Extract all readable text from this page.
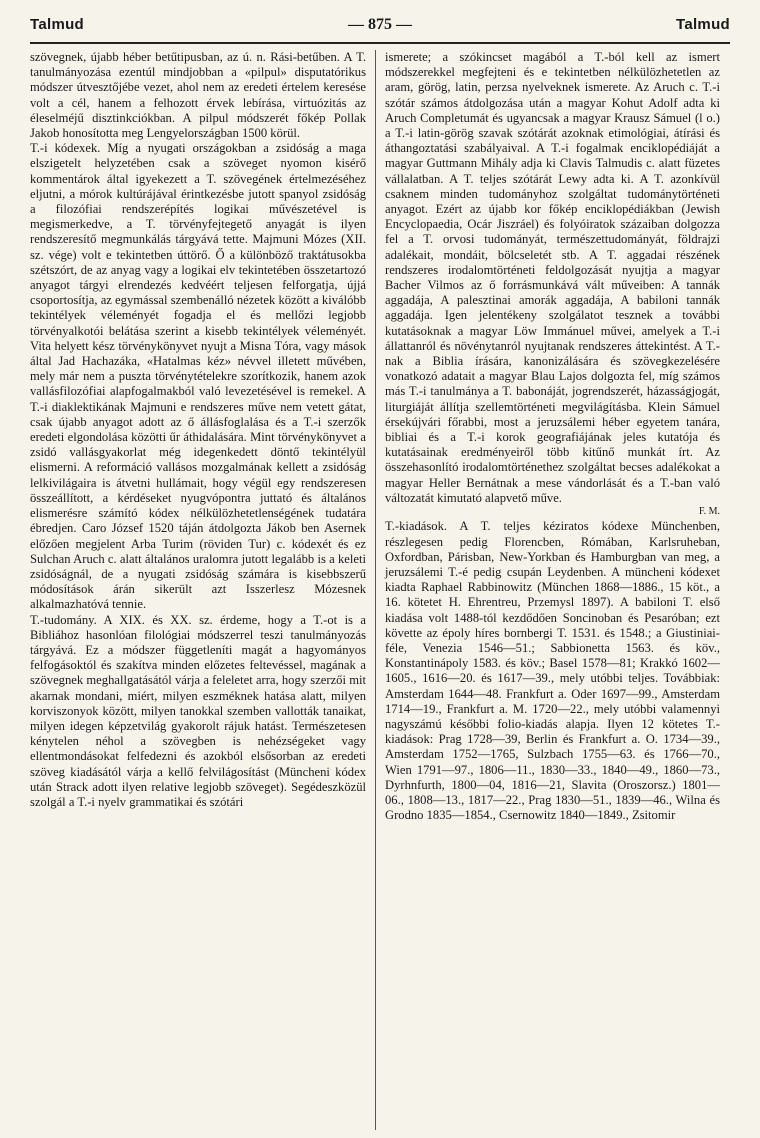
Talmud	— 875 —	Talmud

szövegnek, újabb héber betűtipusban, az ú. n. Rási-betűben. A T. tanulmányozása ezentúl mindjobban a «pilpul» disputatórikus módszer útvesztőjébe vezet, ahol nem az eredeti értelem keresése volt a cél, hanem a felhozott érvek lebírása, virtuózitás az éleselméjű disztinkciókban. A pilpul módszerét főkép Pollak Jakob honosította meg Lengyelországban 1500 körül.

T.-i kódexek. Míg a nyugati országokban a zsidóság a maga elszigetelt helyzetében csak a szöveget nyomon kisérő kommentárok által igyekezett a T. szövegének értelmezéséhez eljutni, a mórok kultúrájával érintkezésbe jutott spanyol zsidóság a filozófiai rendszerépítés logikai művészetével is megismerkedve, a T. törvényfejtegető anyagát is ilyen rendszeresítő megmunkálás tárgyává tette. Majmuni Mózes (XII. sz. vége) volt e tekintetben úttörő. Ő a különböző traktátusokba szétszórt, de az anyag vagy a logikai elv tekintetében összetartozó anyagot tárgyi elrendezés kedvéért teljesen felforgatja, újjá csoportosítja, az egymással szembenálló nézetek között a kiválóbb tekintélyek véleményét fogadja el és mellőzi legjobb törvényalkotói belátása szerint a kisebb tekintélyek véleményét. Vita helyett kész törvénykönyvet nyujt a Misna Tóra, vagy mások által Jad Hachazáka, «Hatalmas kéz» névvel illetett művében, mely már nem a puszta törvénytételekre szorítkozik, hanem azok vallásfilozófiai alapfogalmakból való levezetésével is remekel. A T.-i diaklektikának Majmuni e rendszeres műve nem vetett gátat, csak újabb anyagot adott az ő állásfoglalása és a T.-i szerzők eredeti elgondolása közötti űr áthidalására. Mint törvénykönyvet a zsidó vallásgyakorlat még idegenkedett döntő tekintélyül elismerni. A reformáció vallásos mozgalmának kellett a zsidóság lelkivilágaira is átvetni hullámait, hogy végül egy rendszeresen összeállított, a kérdéseket nyugvópontra juttató és általános elismerésre számító kódex nélkülözhetetlenségének tudatára ébredjen. Caro József 1520 táján átdolgozta Jákob ben Asernek előzően megjelent Arba Turim (röviden Tur) c. kódexét és ez Sulchan Aruch c. alatt általános uralomra jutott legalább is a keleti zsidóságnál, de a nyugati zsidóság számára is kisebbszerű módosítások árán sikerült azt Isszerlesz Mózesnek alkalmazhatóvá tennie.

T.-tudomány. A XIX. és XX. sz. érdeme, hogy a T.-ot is a Bibliához hasonlóan filológiai módszerrel teszi tanulmányozás tárgyává. Ez a módszer függetleníti magát a hagyományos felfogásoktól és szakítva minden előzetes feltevéssel, magának a szövegnek meghallgatásától várja a feleletet arra, hogy szerzői mit akarnak mondani, miért, milyen eszméknek hatása alatt, milyen korviszonyok között, milyen tanokkal szemben vallották tanaikat, milyen idegen képzetvilág gyakorolt rájuk hatást. Természetesen kénytelen néhol a szövegben is nehézségeket vagy ellentmondásokat felfedezni és azokból elsősorban az eredeti szöveg kiadásától várja a kellő felvilágosítást (Müncheni kódex után Strack adott ilyen relative legjobb szöveget). Segédeszközül szolgál a T.-i nyelv grammatikai és szótári

ismerete; a szókincset magából a T.-ból kell az ismert módszerekkel megfejteni és e tekintetben nélkülözhetetlen az aram, görög, latin, perzsa nyelveknek ismerete. Az Aruch c. T.-i szótár számos átdolgozása után a magyar Kohut Adolf adta ki Aruch Completumát és ugyancsak a magyar Krausz Sámuel (l o.) a T.-i latin-görög szavak szótárát azoknak etimológiai, átírási és áthangoztatási szabályaival. A T.-i fogalmak enciklopédiáját a magyar Guttmann Mihály adja ki Clavis Talmudis c. alatt füzetes vállalatban. A T. teljes szótárát Lewy adta ki. A T. azonkívül csaknem minden tudományhoz szolgáltat tudománytörténeti anyagot. Ezért az újabb kor főkép enciklopédiákban (Jewish Encyclopaedia, Ocár Jiszráel) és folyóiratok százaiban dolgozza fel a T. orvosi tudományát, természettudományát, földrajzi adalékait, mondáit, bölcseletét stb. A T. aggadai részének rendszeres irodalomtörténeti feldolgozását nyujtja a magyar Bacher Vilmos az ő forrásmunkává vált műveiben: A tannák aggadája, A palesztinai amorák aggadája, A babiloni tannák aggadája. Igen jelentékeny szolgálatot tesznek a további kutatásoknak a magyar Löw Immánuel művei, amelyek a T.-i állattanról és növénytanról nyujtanak rendszeres áttekintést. A T.-nak a Biblia írására, kanonizálására és szövegkezelésére vonatkozó adatait a magyar Blau Lajos dolgozta fel, míg számos más T.-i tanulmánya a T. babonáját, jogrendszerét, házasságjogát, liturgiáját állítja szellemtörténeti megvilágításba. Klein Sámuel érsekújvári főrabbi, most a jeruzsálemi héber egyetem tanára, bibliai és a T.-i korok geografiájának jeles kutatója és kutatásainak eredményeiről több kitűnő munkát írt. Az összehasonlító irodalomtörténethez szolgáltat becses adalékokat a magyar Heller Bernátnak a mese vándorlását és a T.-ban való változatát kimutató alapvető műve.

F. M.

T.-kiadások. A T. teljes kéziratos kódexe Münchenben, részlegesen pedig Florencben, Rómában, Karlsruheban, Oxfordban, Párisban, New-Yorkban és Hamburgban van meg, a jeruzsálemi T.-é pedig csupán Leydenben. A müncheni kódexet kiadta Raphael Rabbinowitz (München 1868—1886., 15 köt., a 16. kötetet H. Ehrentreu, Przemysl 1897). A babiloni T. első kiadása volt 1488-tól kezdődően Soncinoban és Pesaróban; ezt követte az époly híres bornbergi T. 1531. és 1548.; a Giustiniai-féle, Venezia 1546—51.; Sabbionetta 1563. és köv., Konstantinápoly 1583. és köv.; Basel 1578—81; Krakkó 1602—1605., 1616—20. és 1617—39., mely utóbbi teljes. Továbbiak: Amsterdam 1644—48. Frankfurt a. Oder 1697—99., Amsterdam 1714—19., Frankfurt a. M. 1720—22., mely utóbbi valamennyi nagyszámú későbbi folio-kiadás alapja. Ilyen 12 kötetes T.-kiadások: Prag 1728—39, Berlin és Frankfurt a. O. 1734—39., Amsterdam 1752—1765, Sulzbach 1755—63. és 1766—70., Wien 1791—97., 1806—11., 1830—33., 1840—49., 1860—73., Dyrhnfurth, 1800—04, 1816—21, Slavita (Oroszorsz.) 1801—06., 1808—13., 1817—22., Prag 1830—51., 1839—46., Wilna és Grodno 1835—1854., Csernowitz 1840—1849., Zsitomir
